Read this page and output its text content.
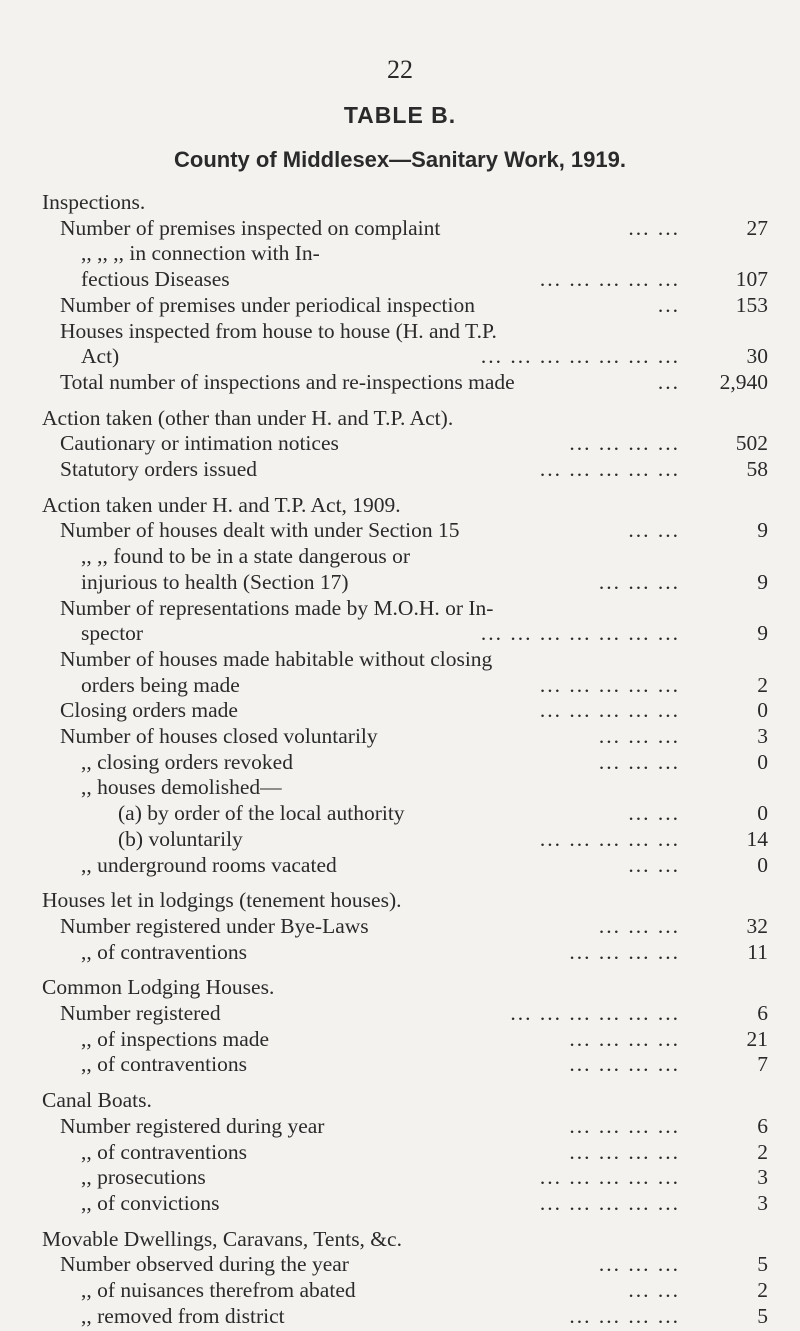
22
TABLE B.
County of Middlesex—Sanitary Work, 1919.
Inspections.
Number of premises inspected on complaint	... ...	27
,, ,, ,, in connection with In-
fectious Diseases	... ... ... ... ...	107
Number of premises under periodical inspection	...	153
Houses inspected from house to house (H. and T.P.
Act)	... ... ... ... ... ... ...	30
Total number of inspections and re-inspections made	...	2,940
Action taken (other than under H. and T.P. Act).
Cautionary or intimation notices	... ... ... ...	502
Statutory orders issued	... ... ... ... ...	58
Action taken under H. and T.P. Act, 1909.
Number of houses dealt with under Section 15	... ...	9
,, ,, found to be in a state dangerous or
injurious to health (Section 17)	... ... ...	9
Number of representations made by M.O.H. or In-
spector	... ... ... ... ... ... ...	9
Number of houses made habitable without closing
orders being made	... ... ... ... ...	2
Closing orders made	... ... ... ... ...	0
Number of houses closed voluntarily	... ... ...	3
,, closing orders revoked	... ... ...	0
,, houses demolished—
(a) by order of the local authority	... ...	0
(b) voluntarily	... ... ... ... ...	14
,, underground rooms vacated	... ...	0
Houses let in lodgings (tenement houses).
Number registered under Bye-Laws	... ... ...	32
,, of contraventions	... ... ... ...	11
Common Lodging Houses.
Number registered	... ... ... ... ... ...	6
,, of inspections made	... ... ... ...	21
,, of contraventions	... ... ... ...	7
Canal Boats.
Number registered during year	... ... ... ...	6
,, of contraventions	... ... ... ...	2
,, prosecutions	... ... ... ... ...	3
,, of convictions	... ... ... ... ...	3
Movable Dwellings, Caravans, Tents, &c.
Number observed during the year	... ... ...	5
,, of nuisances therefrom abated	... ...	2
,, removed from district	... ... ... ...	5
